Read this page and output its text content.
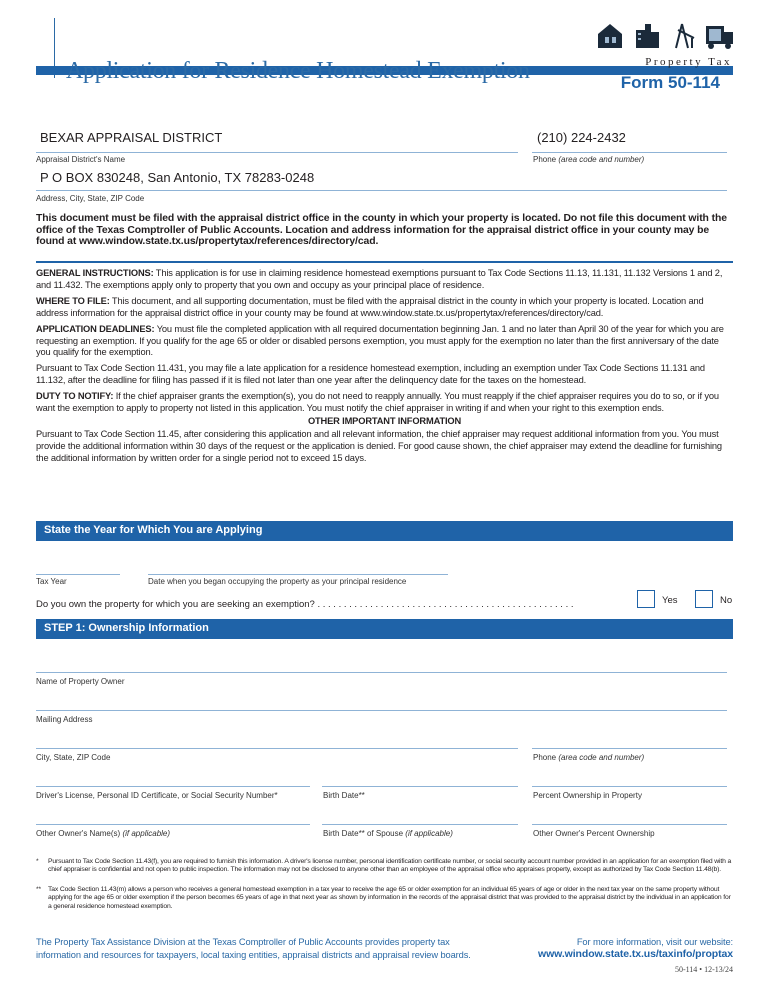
Application for Residence Homestead Exemption	Property Tax
Form 50-114
BEXAR APPRAISAL DISTRICT
Appraisal District's Name
(210) 224-2432
Phone (area code and number)
P O BOX 830248, San Antonio, TX 78283-0248
Address, City, State, ZIP Code
This document must be filed with the appraisal district office in the county in which your property is located. Do not file this document with the office of the Texas Comptroller of Public Accounts. Location and address information for the appraisal district office in your county may be found at www.window.state.tx.us/propertytax/references/directory/cad.

GENERAL INSTRUCTIONS: This application is for use in claiming residence homestead exemptions pursuant to Tax Code Sections 11.13, 11.131, 11.132 Versions 1 and 2, and 11.432. The exemptions apply only to property that you own and occupy as your principal place of residence.

WHERE TO FILE: This document, and all supporting documentation, must be filed with the appraisal district in the county in which your property is located. Location and address information for the appraisal district office in your county may be found at www.window.state.tx.us/propertytax/references/directory/cad.

APPLICATION DEADLINES: You must file the completed application with all required documentation beginning Jan. 1 and no later than April 30 of the year for which you are requesting an exemption. If you qualify for the age 65 or older or disabled persons exemption, you must apply for the exemption no later than the first anniversary of the date you qualify for the exemption.

Pursuant to Tax Code Section 11.431, you may file a late application for a residence homestead exemption, including an exemption under Tax Code Sections 11.131 and 11.132, after the deadline for filing has passed if it is filed not later than one year after the delinquency date for the taxes on the homestead.

DUTY TO NOTIFY: If the chief appraiser grants the exemption(s), you do not need to reapply annually. You must reapply if the chief appraiser requires you do to so, or if you want the exemption to apply to property not listed in this application. You must notify the chief appraiser in writing if and when your right to this exemption ends.

OTHER IMPORTANT INFORMATION

Pursuant to Tax Code Section 11.45, after considering this application and all relevant information, the chief appraiser may request additional information from you. You must provide the additional information within 30 days of the request or the application is denied. For good cause shown, the chief appraiser may extend the deadline for furnishing the additional information by written order for a single period not to exceed 15 days.

State the Year for Which You are Applying
Tax Year	Date when you began occupying the property as your principal residence
Do you own the property for which you are seeking an exemption? . . . . . . . . . . . . . . . . . . . . . . . . . . . . . . . . . . . . . . . . . . . . . . . . .	Yes	No
STEP 1: Ownership Information
Name of Property Owner
Mailing Address
City, State, ZIP Code	Phone (area code and number)
Driver's License, Personal ID Certificate, or Social Security Number*	Birth Date**	Percent Ownership in Property
Other Owner's Name(s) (if applicable)	Birth Date** of Spouse (if applicable)	Other Owner's Percent Ownership
* Pursuant to Tax Code Section 11.43(f), you are required to furnish this information. A driver's license number, personal identification certificate number, or social security account number provided in an application for an exemption filed with a chief appraiser is confidential and not open to public inspection. The information may not be disclosed to anyone other than an employee of the appraisal office who appraises property, except as authorized by Tax Code Section 11.48(b).
** Tax Code Section 11.43(m) allows a person who receives a general homestead exemption in a tax year to receive the age 65 or older exemption for an individual 65 years of age or older in the next tax year on the same property without applying for the age 65 or older exemption if the person becomes 65 years of age in that next year as shown by information in the records of the appraisal district that was provided to the appraisal district by the individual in an application for a general residence homestead exemption.
The Property Tax Assistance Division at the Texas Comptroller of Public Accounts provides property tax information and resources for taxpayers, local taxing entities, appraisal districts and appraisal review boards.
For more information, visit our website:
www.window.state.tx.us/taxinfo/proptax
50-114 • 12-13/24
